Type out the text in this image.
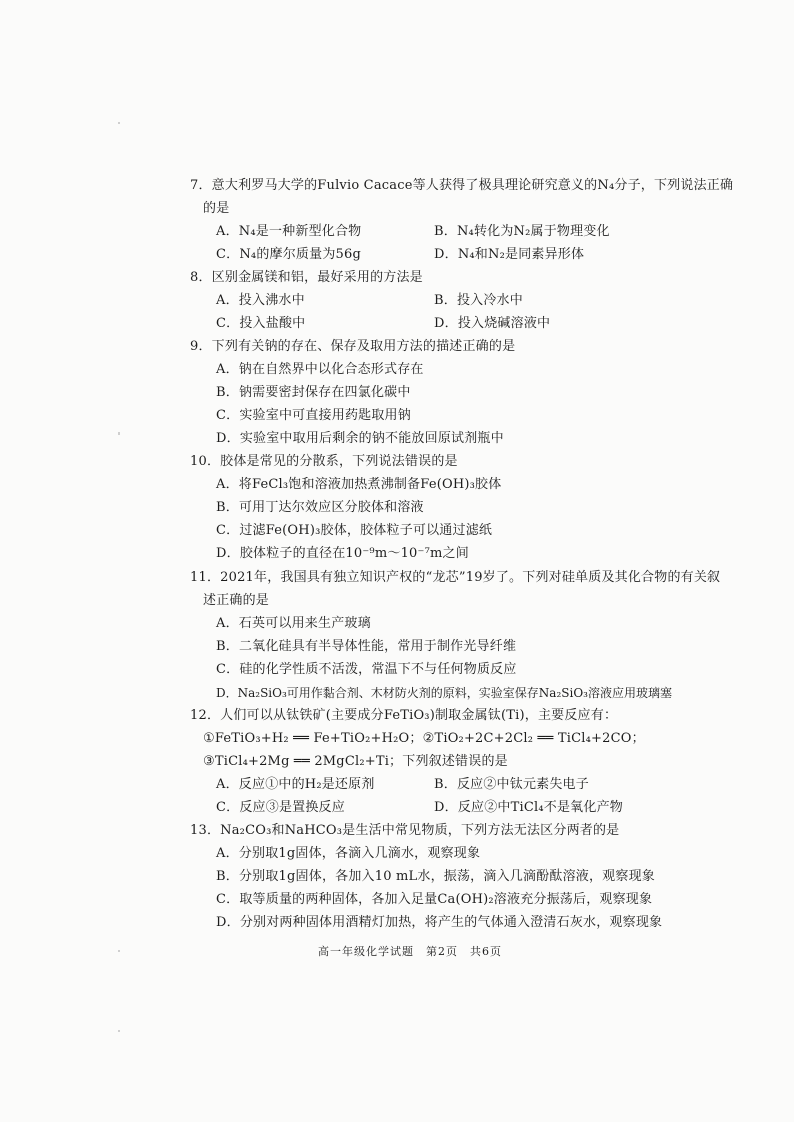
7．意大利罗马大学的Fulvio Cacace等人获得了极具理论研究意义的N₄分子，下列说法正确
的是
A．N₄是一种新型化合物	B．N₄转化为N₂属于物理变化
C．N₄的摩尔质量为56g	D．N₄和N₂是同素异形体
8．区别金属镁和铝，最好采用的方法是
A．投入沸水中	B．投入冷水中
C．投入盐酸中	D．投入烧碱溶液中
9．下列有关钠的存在、保存及取用方法的描述正确的是
A．钠在自然界中以化合态形式存在
B．钠需要密封保存在四氯化碳中
C．实验室中可直接用药匙取用钠
D．实验室中取用后剩余的钠不能放回原试剂瓶中
10．胶体是常见的分散系，下列说法错误的是
A．将FeCl₃饱和溶液加热煮沸制备Fe(OH)₃胶体
B．可用丁达尔效应区分胶体和溶液
C．过滤Fe(OH)₃胶体，胶体粒子可以通过滤纸
D．胶体粒子的直径在10⁻⁹m～10⁻⁷m之间
11．2021年，我国具有独立知识产权的“龙芯”19岁了。下列对硅单质及其化合物的有关叙
述正确的是
A．石英可以用来生产玻璃
B．二氧化硅具有半导体性能，常用于制作光导纤维
C．硅的化学性质不活泼，常温下不与任何物质反应
D．Na₂SiO₃可用作黏合剂、木材防火剂的原料，实验室保存Na₂SiO₃溶液应用玻璃塞
12．人们可以从钛铁矿(主要成分FeTiO₃)制取金属钛(Ti)，主要反应有：
①FeTiO₃+H₂ ══ Fe+TiO₂+H₂O；②TiO₂+2C+2Cl₂ ══ TiCl₄+2CO；
③TiCl₄+2Mg ══ 2MgCl₂+Ti；下列叙述错误的是
A．反应①中的H₂是还原剂	B．反应②中钛元素失电子
C．反应③是置换反应	D．反应②中TiCl₄不是氧化产物
13．Na₂CO₃和NaHCO₃是生活中常见物质，下列方法无法区分两者的是
A．分别取1g固体，各滴入几滴水，观察现象
B．分别取1g固体，各加入10 mL水，振荡，滴入几滴酚酞溶液，观察现象
C．取等质量的两种固体，各加入足量Ca(OH)₂溶液充分振荡后，观察现象
D．分别对两种固体用酒精灯加热，将产生的气体通入澄清石灰水，观察现象
高一年级化学试题　第2页　共6页
